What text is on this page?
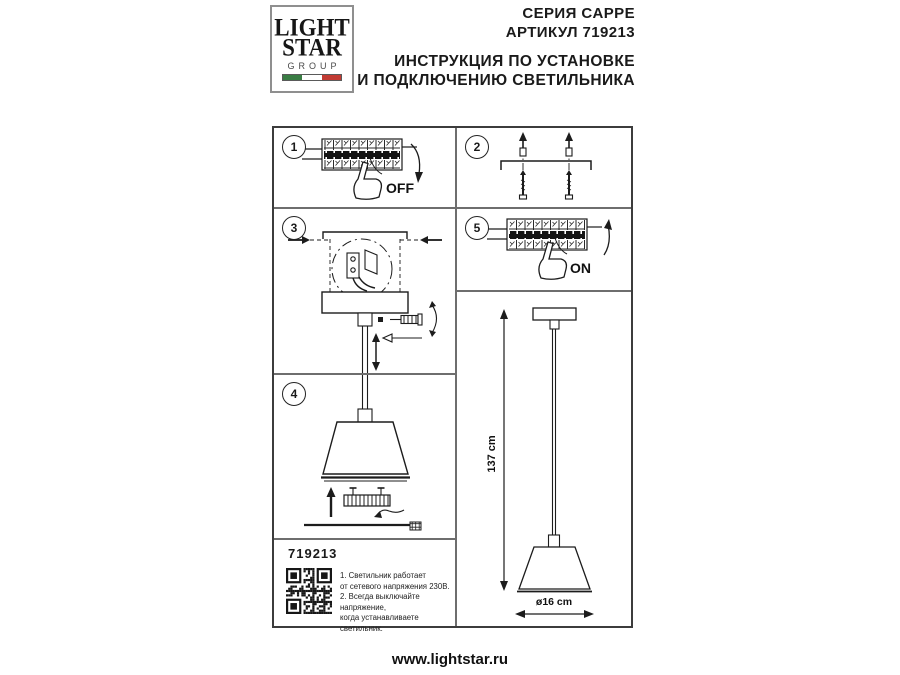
LIGHT
STAR
GROUP
СЕРИЯ CAPPE
АРТИКУЛ 719213
ИНСТРУКЦИЯ ПО УСТАНОВКЕ
И ПОДКЛЮЧЕНИЮ СВЕТИЛЬНИКА
1
OFF
2
3
4
719213
1. Светильник работает
от сетевого напряжения 230В.
2. Всегда выключайте напряжение,
когда устанавливаете светильник.
5
ON
137 cm
ø16 cm
www.lightstar.ru
